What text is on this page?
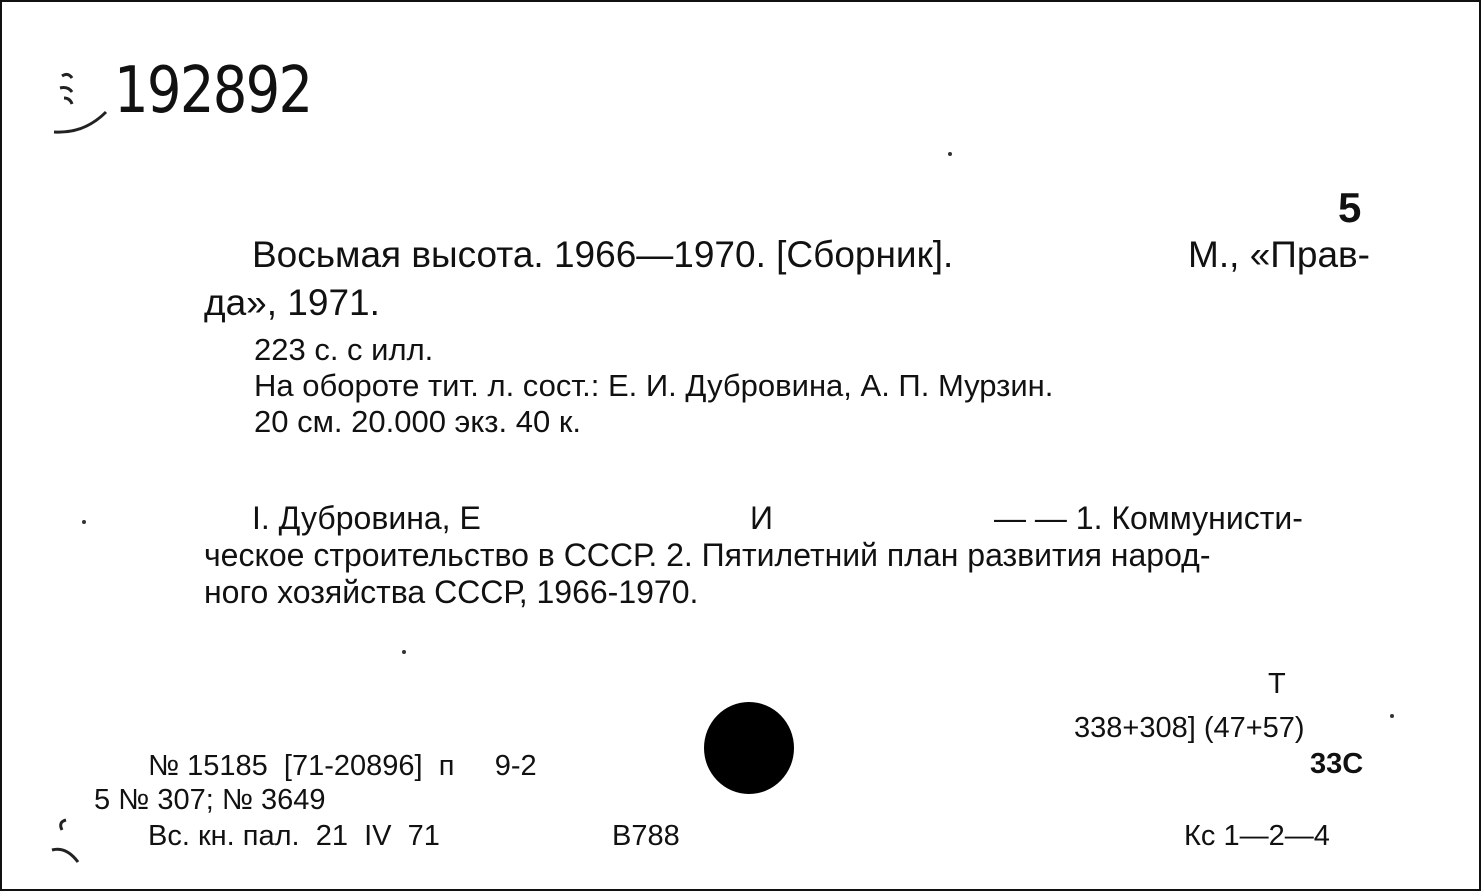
192892
5
Восьмая высота. 1966—1970. [Сборник].	М., «Прав-
да», 1971.
223 с. с илл.
На обороте тит. л. сост.: Е. И. Дубровина, А. П. Мурзин.
20 см. 20.000 экз. 40 к.
I. Дубровина, Е	И	— — 1. Коммунисти-
ческое строительство в СССР. 2. Пятилетний план развития народ-
ного хозяйства СССР, 1966-1970.
Т
338+308] (47+57)
33С
№ 15185  [71-20896]  п     9-2
5 № 307; № 3649
Вс. кн. пал.  21  IV  71	В788	Кс 1—2—4
